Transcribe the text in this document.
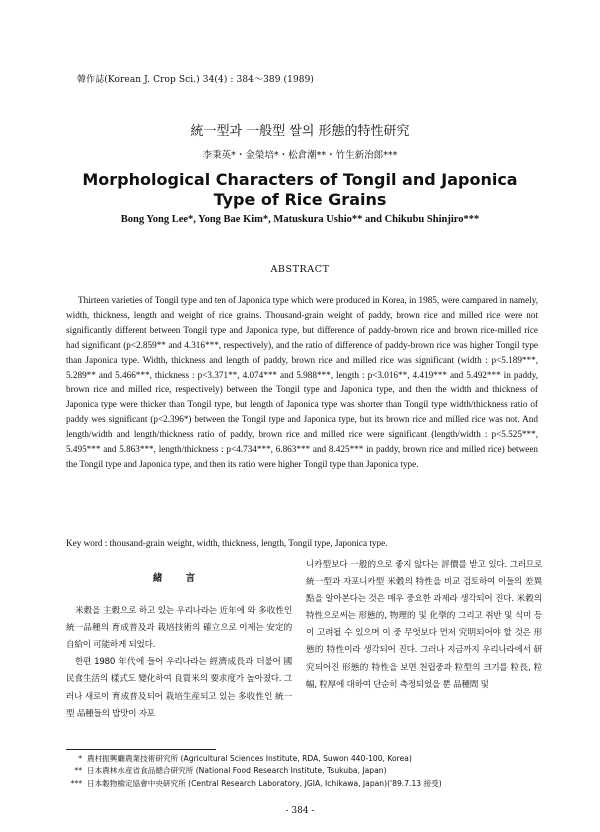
韓作誌(Korean J. Crop Sci.) 34(4) : 384～389 (1989)
統一型과 一般型 쌀의 形態的特性研究
李秉英*・金榮培*・松倉潮**・竹生新治郎***
Morphological Characters of Tongil and Japonica
Type of Rice Grains
Bong Yong Lee*, Yong Bae Kim*, Matuskura Ushio** and Chikubu Shinjiro***
ABSTRACT

Thirteen varieties of Tongil type and ten of Japonica type which were produced in Korea, in 1985, were campared in namely, width, thickness, length and weight of rice grains. Thousand-grain weight of paddy, brown rice and milled rice were not significantly different between Tongil type and Japonica type, but difference of paddy-brown rice and brown rice-milled rice had significant (p<2.859** and 4.316***, respectively), and the ratio of difference of paddy-brown rice was higher Tongil type than Japonica type. Width, thickness and length of paddy, brown rice and milled rice was significant (width : p<5.189***, 5.289** and 5.466***, thickness : p<3.371**, 4.074*** and 5.988***, length : p<3.016**, 4.419*** and 5.492*** in paddy, brown rice and milled rice, respectively) between the Tongil type and Japonica type, and then the width and thickness of Japonica type were thicker than Tongil type, but length of Japonica type was shorter than Tongil type width/thickness ratio of paddy wes significant (p<2.396*) between the Tongil type and Japonica type, but its brown rice and milled rice was not. And length/width and length/thickness ratio of paddy, brown rice and milled rice were significant (length/width : p<5.525***, 5.495*** and 5.863***, length/thickness : p<4.734***, 6.863*** and 8.425*** in paddy, brown rice and milled rice) between the Tongil type and Japonica type, and then its ratio were higher Tongil type than Japonica type.

Key word : thousand-grain weight, width, thickness, length, Tongil type, Japonica type.
緒 言

米穀을 主穀으로 하고 있는 우리나라는 近年에 와 多收性인 統一品種의 育成普及과 栽培技術의 確立으로 이제는 安定的 自給이 可能하게 되었다.

한편 1980 年代에 들어 우리나라는 經濟成長과 더불어 國民食生活의 樣式도 變化하여 良質米의 要求度가 높아졌다. 그러나 새로이 育成普及되어 栽培生産되고 있는 多收性인 統一型 品種들의 밥맛이 자포

니카型보다 一般的으로 좋지 않다는 評價를 받고 있다. 그러므로 統一型과 자포니카型 米穀의 特性을 비교 검토하여 이들의 差異點을 알아본다는 것은 매우 중요한 과제라 생각되어 진다. 米穀의 特性으로써는 形態的, 物理的 및 化學的 그리고 취반 및 식미 등이 고려될 수 있으며 이 중 무엇보다 먼저 究明되어야 할 것은 形態的 特性이라 생각되어 진다. 그러나 지금까지 우리나라에서 研究되어진 形態的 特性을 보면 천립중과 粒型의 크기를 粒長, 粒幅, 粒厚에 대하여 단순히 측정되었을 뿐 品種間 및

* 農村振興廳農業技術研究所 (Agricultural Sciences Institute, RDA, Suwon 440-100, Korea)
** 日本農林水産省食品總合研究所 (National Food Research Institute, Tsukuba, Japan)
*** 日本穀物檢定協會中央研究所 (Central Research Laboratory, JGIA, Ichikawa, Japan)('89.7.13 接受)
- 384 -
